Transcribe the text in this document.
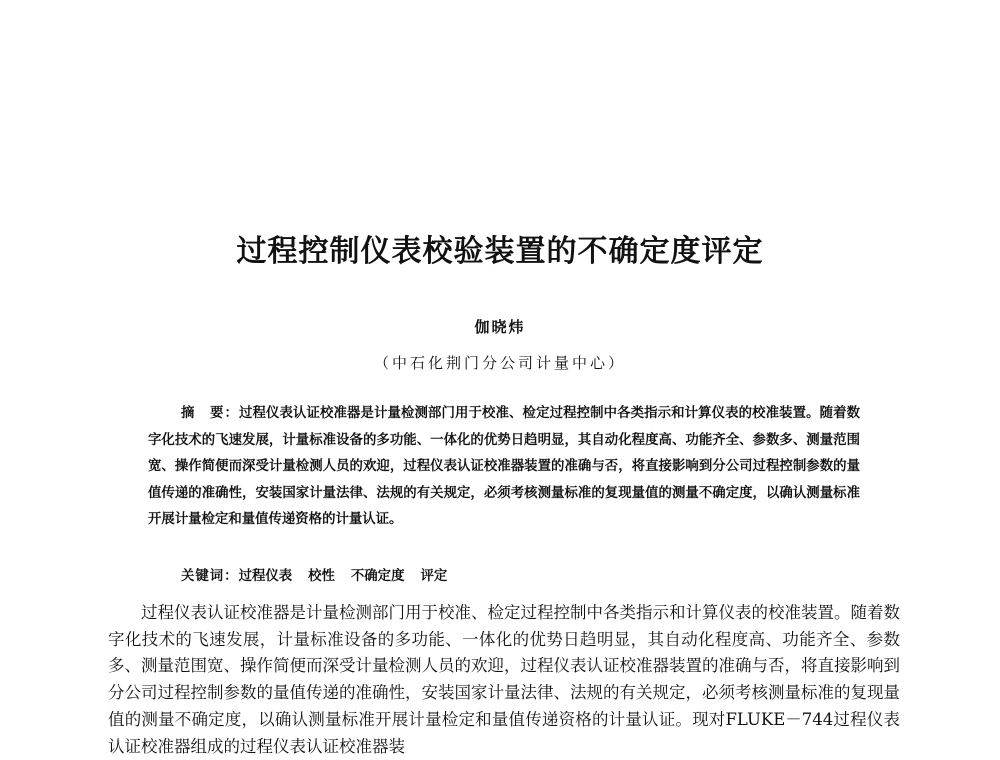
过程控制仪表校验装置的不确定度评定
伽晓炜
（中石化荆门分公司计量中心）

摘　要：过程仪表认证校准器是计量检测部门用于校准、检定过程控制中各类指示和计算仪表的校准装置。随着数字化技术的飞速发展，计量标准设备的多功能、一体化的优势日趋明显，其自动化程度高、功能齐全、参数多、测量范围宽、操作简便而深受计量检测人员的欢迎，过程仪表认证校准器装置的准确与否，将直接影响到分公司过程控制参数的量值传递的准确性，安装国家计量法律、法规的有关规定，必须考核测量标准的复现量值的测量不确定度，以确认测量标准开展计量检定和量值传递资格的计量认证。

关键词：过程仪表 校性 不确定度 评定

过程仪表认证校准器是计量检测部门用于校准、检定过程控制中各类指示和计算仪表的校准装置。随着数字化技术的飞速发展，计量标准设备的多功能、一体化的优势日趋明显，其自动化程度高、功能齐全、参数多、测量范围宽、操作简便而深受计量检测人员的欢迎，过程仪表认证校准器装置的准确与否，将直接影响到分公司过程控制参数的量值传递的准确性，安装国家计量法律、法规的有关规定，必须考核测量标准的复现量值的测量不确定度，以确认测量标准开展计量检定和量值传递资格的计量认证。现对FLUKE－744过程仪表认证校准器组成的过程仪表认证校准器装
